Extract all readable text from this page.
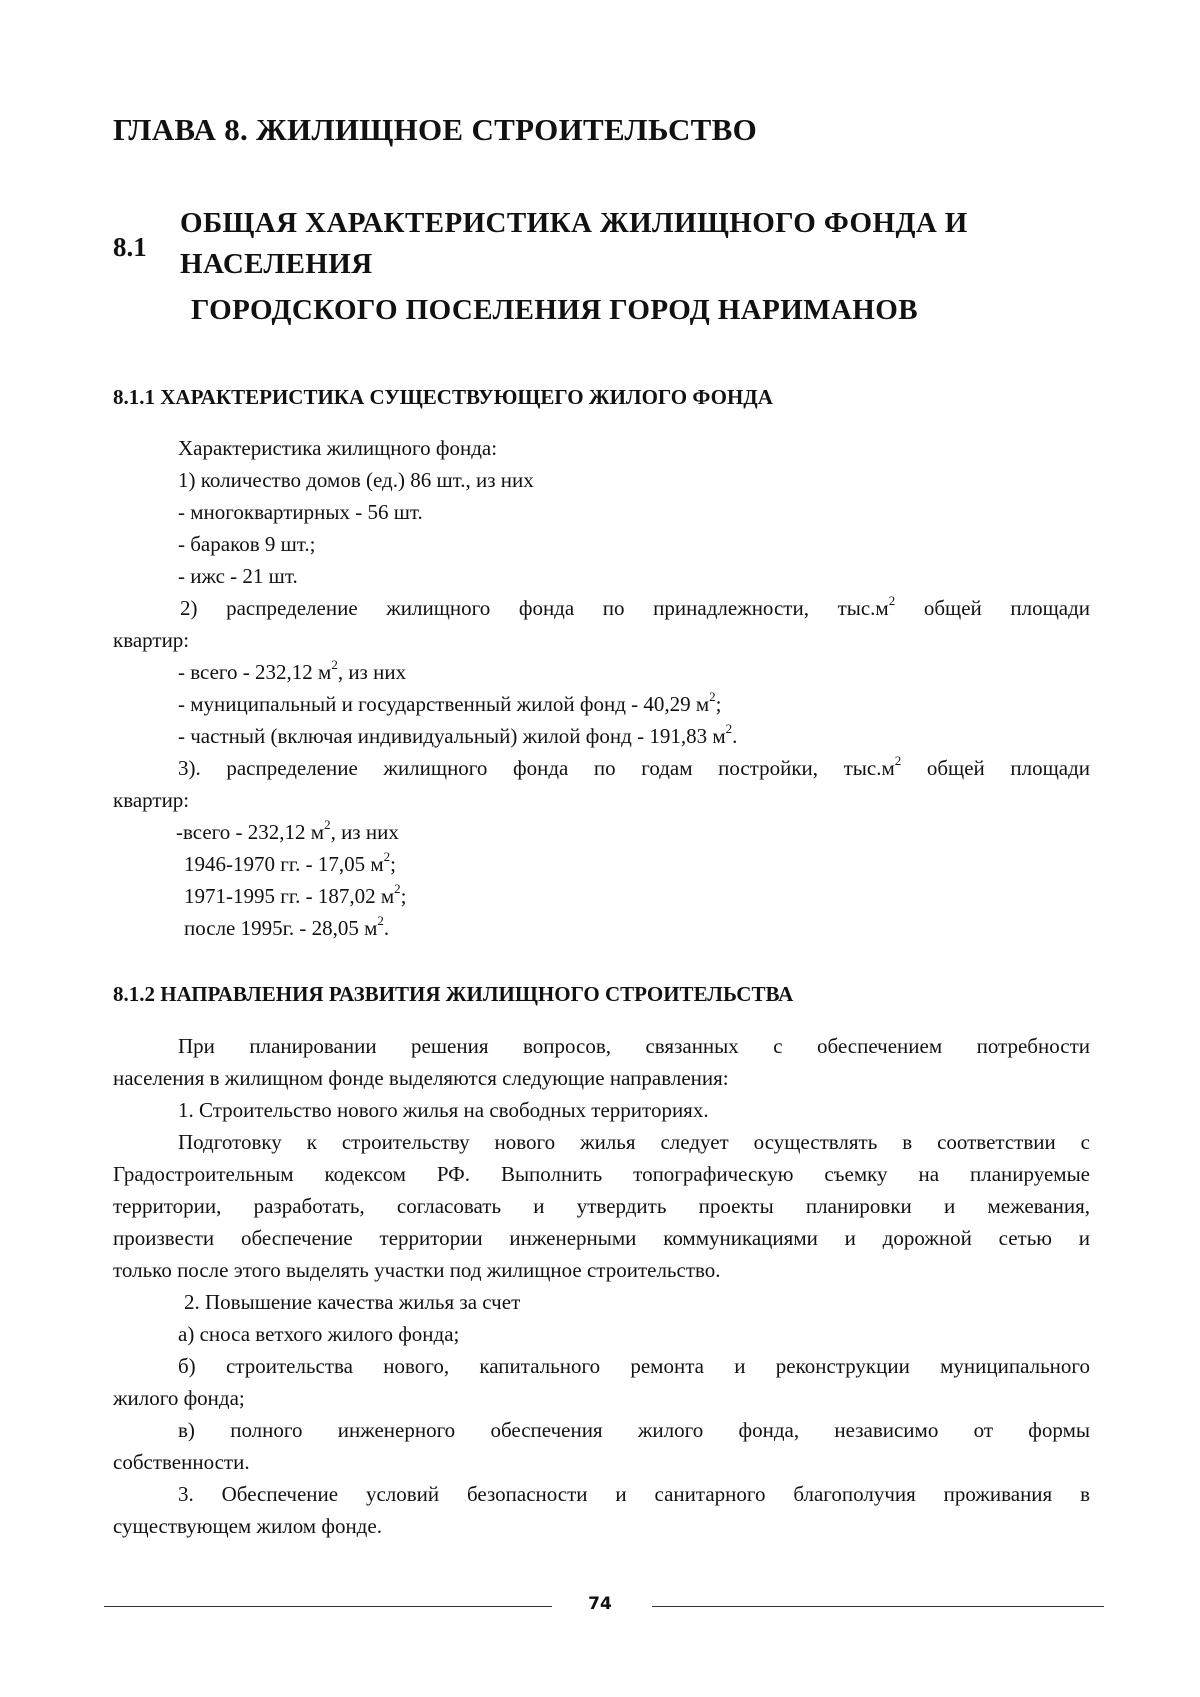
ГЛАВА 8. ЖИЛИЩНОЕ СТРОИТЕЛЬСТВО
8.1
ОБЩАЯ ХАРАКТЕРИСТИКА ЖИЛИЩНОГО ФОНДА И
НАСЕЛЕНИЯ
ГОРОДСКОГО ПОСЕЛЕНИЯ ГОРОД НАРИМАНОВ
8.1.1 ХАРАКТЕРИСТИКА СУЩЕСТВУЮЩЕГО ЖИЛОГО ФОНДА
Характеристика жилищного фонда:
1) количество домов (ед.) 86 шт., из них
- многоквартирных - 56 шт.
- бараков 9 шт.;
- ижс - 21 шт.
2) распределение жилищного фонда по принадлежности, $тыс.м^2$ общей площади
квартир:
- всего - 232,12 $м^2$, из них
- муниципальный и государственный жилой фонд - 40,29 $м^2$;
- частный (включая индивидуальный) жилой фонд - 191,83 $м^2$.
3). распределение жилищного фонда по годам постройки, $тыс.м^2$ общей площади
квартир:
-всего - 232,12 $м^2$, из них
1946-1970 гг. - 17,05 $м^2$;
1971-1995 гг. - 187,02 $м^2$;
после 1995г. - 28,05 $м^2$.
8.1.2 НАПРАВЛЕНИЯ РАЗВИТИЯ ЖИЛИЩНОГО СТРОИТЕЛЬСТВА
При планировании решения вопросов, связанных с обеспечением потребности
населения в жилищном фонде выделяются следующие направления:
1. Строительство нового жилья на свободных территориях.
Подготовку к строительству нового жилья следует осуществлять в соответствии с
Градостроительным кодексом РФ. Выполнить топографическую съемку на планируемые
территории, разработать, согласовать и утвердить проекты планировки и межевания,
произвести обеспечение территории инженерными коммуникациями и дорожной сетью и
только после этого выделять участки под жилищное строительство.
2. Повышение качества жилья за счет
а) сноса ветхого жилого фонда;
б) строительства нового, капитального ремонта и реконструкции муниципального
жилого фонда;
в) полного инженерного обеспечения жилого фонда, независимо от формы
собственности.
3. Обеспечение условий безопасности и санитарного благополучия проживания в
существующем жилом фонде.
74
